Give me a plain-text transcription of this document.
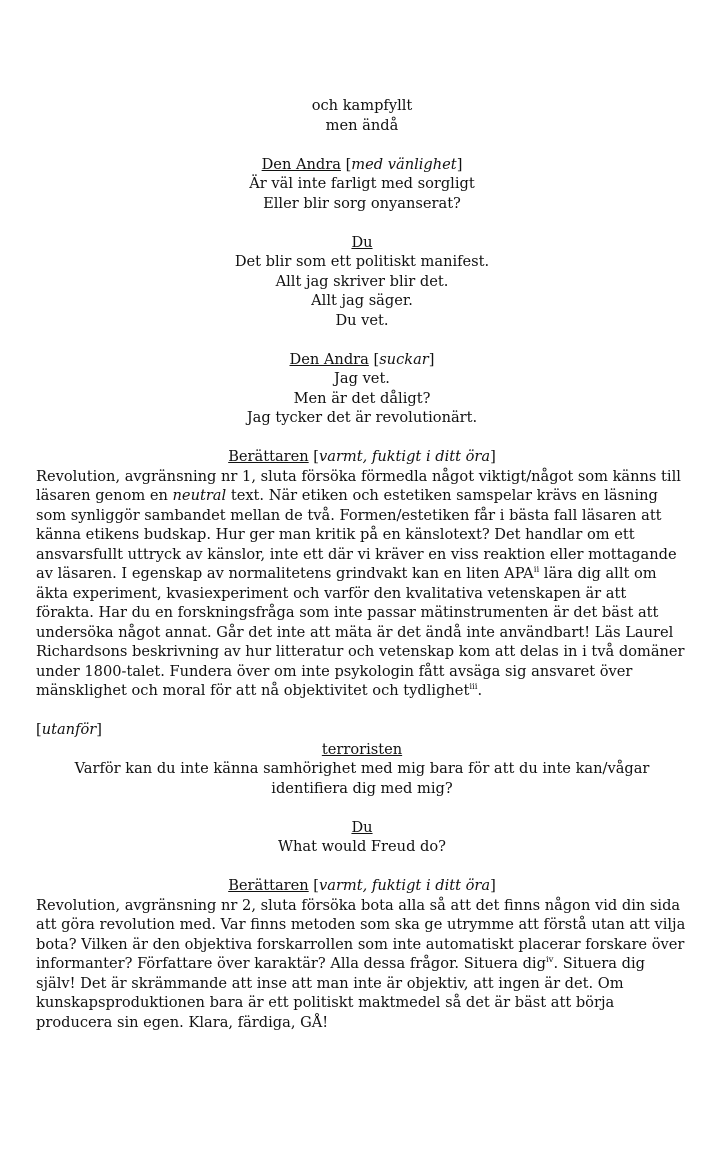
och kampfyllt
men ändå
Den Andra [med vänlighet]
Är väl inte farligt med sorgligt
Eller blir sorg onyanserat?
Du
Det blir som ett politiskt manifest.
Allt jag skriver blir det.
Allt jag säger.
Du vet.
Den Andra [suckar]
Jag vet.
Men är det dåligt?
Jag tycker det är revolutionärt.
Berättaren [varmt, fuktigt i ditt öra]
Revolution, avgränsning nr 1, sluta försöka förmedla något viktigt/något som känns till läsaren genom en neutral text. När etiken och estetiken samspelar krävs en läsning som synliggör sambandet mellan de två. Formen/estetiken får i bästa fall läsaren att känna etikens budskap. Hur ger man kritik på en känslotext? Det handlar om ett ansvarsfullt uttryck av känslor, inte ett där vi kräver en viss reaktion eller mottagande av läsaren. I egenskap av normalitetens grindvakt kan en liten APA$^{ii}$ lära dig allt om äkta experiment, kvasiexperiment och varför den kvalitativa vetenskapen är att förakta. Har du en forskningsfråga som inte passar mätinstrumenten är det bäst att undersöka något annat. Går det inte att mäta är det ändå inte användbart! Läs Laurel Richardsons beskrivning av hur litteratur och vetenskap kom att delas in i två domäner under 1800-talet. Fundera över om inte psykologin fått avsäga sig ansvaret över mänsklighet och moral för att nå objektivitet och tydlighet$^{iii}$.
[utanför]
terroristen
Varför kan du inte känna samhörighet med mig bara för att du inte kan/vågar identifiera dig med mig?
Du
What would Freud do?
Berättaren [varmt, fuktigt i ditt öra]
Revolution, avgränsning nr 2, sluta försöka bota alla så att det finns någon vid din sida att göra revolution med. Var finns metoden som ska ge utrymme att förstå utan att vilja bota? Vilken är den objektiva forskarrollen som inte automatiskt placerar forskare över informanter? Författare över karaktär? Alla dessa frågor. Situera dig$^{iv}$. Situera dig själv! Det är skrämmande att inse att man inte är objektiv, att ingen är det. Om kunskapsproduktionen bara är ett politiskt maktmedel så det är bäst att börja producera sin egen. Klara, färdiga, GÅ!
